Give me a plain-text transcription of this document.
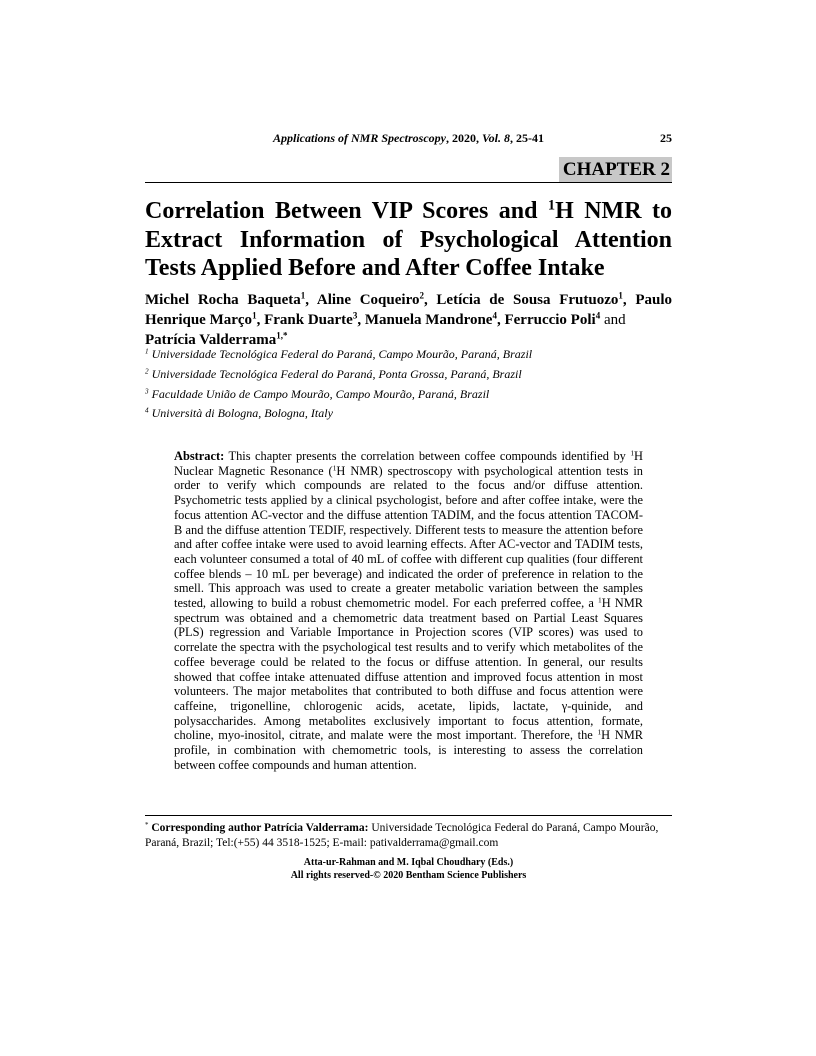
Applications of NMR Spectroscopy, 2020, Vol. 8, 25-41	25
CHAPTER 2
Correlation Between VIP Scores and $^1$H NMR to Extract Information of Psychological Attention Tests Applied Before and After Coffee Intake

Michel Rocha Baqueta$^1$, Aline Coqueiro$^2$, Letícia de Sousa Frutuozo$^1$, Paulo Henrique Março$^1$, Frank Duarte$^3$, Manuela Mandrone$^4$, Ferruccio Poli$^4$ and
Patrícia Valderrama$^{1,*}$

$^1$ Universidade Tecnológica Federal do Paraná, Campo Mourão, Paraná, Brazil
$^2$ Universidade Tecnológica Federal do Paraná, Ponta Grossa, Paraná, Brazil
$^3$ Faculdade União de Campo Mourão, Campo Mourão, Paraná, Brazil
$^4$ Università di Bologna, Bologna, Italy

Abstract: This chapter presents the correlation between coffee compounds identified by $^1$H Nuclear Magnetic Resonance ($^1$H NMR) spectroscopy with psychological attention tests in order to verify which compounds are related to the focus and/or diffuse attention. Psychometric tests applied by a clinical psychologist, before and after coffee intake, were the focus attention AC-vector and the diffuse attention TADIM, and the focus attention TACOM-B and the diffuse attention TEDIF, respectively. Different tests to measure the attention before and after coffee intake were used to avoid learning effects. After AC-vector and TADIM tests, each volunteer consumed a total of 40 mL of coffee with different cup qualities (four different coffee blends – 10 mL per beverage) and indicated the order of preference in relation to the smell. This approach was used to create a greater metabolic variation between the samples tested, allowing to build a robust chemometric model. For each preferred coffee, a $^1$H NMR spectrum was obtained and a chemometric data treatment based on Partial Least Squares (PLS) regression and Variable Importance in Projection scores (VIP scores) was used to correlate the spectra with the psychological test results and to verify which metabolites of the coffee beverage could be related to the focus or diffuse attention. In general, our results showed that coffee intake attenuated diffuse attention and improved focus attention in most volunteers. The major metabolites that contributed to both diffuse and focus attention were caffeine, trigonelline, chlorogenic acids, acetate, lipids, lactate, γ-quinide, and polysaccharides. Among metabolites exclusively important to focus attention, formate, choline, myo-inositol, citrate, and malate were the most important. Therefore, the $^1$H NMR profile, in combination with chemometric tools, is interesting to assess the correlation between coffee compounds and human attention.

* Corresponding author Patrícia Valderrama: Universidade Tecnológica Federal do Paraná, Campo Mourão, Paraná, Brazil; Tel:(+55) 44 3518-1525; E-mail: pativalderrama@gmail.com

Atta-ur-Rahman and M. Iqbal Choudhary (Eds.)
All rights reserved-© 2020 Bentham Science Publishers
